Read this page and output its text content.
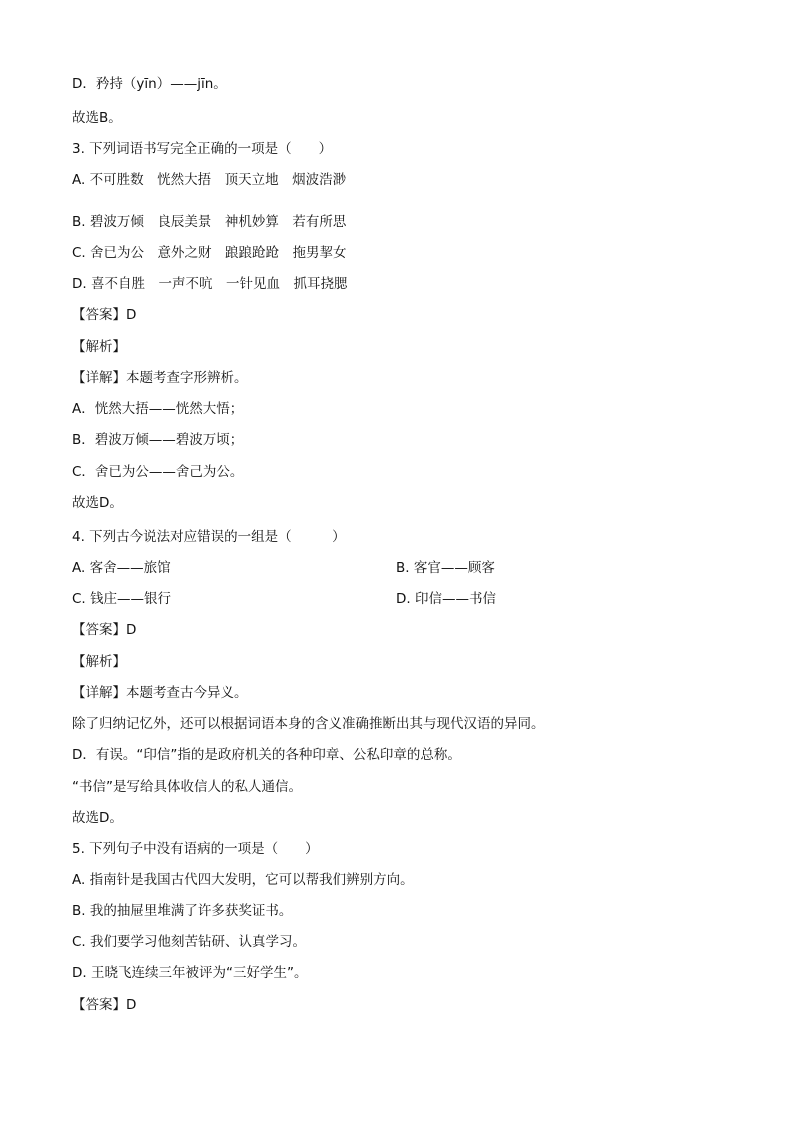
D．矜持（yīn）——jīn。
故选B。
3. 下列词语书写完全正确的一项是（　　）
A. 不可胜数　恍然大捂　顶天立地　烟波浩渺
B. 碧波万倾　良辰美景　神机妙算　若有所思
C. 舍已为公　意外之财　踉踉跄跄　拖男挈女
D. 喜不自胜　一声不吭　一针见血　抓耳挠腮
【答案】D
【解析】
【详解】本题考查字形辨析。
A．恍然大捂——恍然大悟；
B．碧波万倾——碧波万顷；
C．舍已为公——舍己为公。
故选D。
4. 下列古今说法对应错误的一组是（　　　）
A. 客舍——旅馆	B. 客官——顾客
C. 钱庄——银行	D. 印信——书信
【答案】D
【解析】
【详解】本题考查古今异义。
除了归纳记忆外，还可以根据词语本身的含义准确推断出其与现代汉语的异同。
D．有误。“印信”指的是政府机关的各种印章、公私印章的总称。
“书信”是写给具体收信人的私人通信。
故选D。
5. 下列句子中没有语病的一项是（　　）
A. 指南针是我国古代四大发明，它可以帮我们辨别方向。
B. 我的抽屉里堆满了许多获奖证书。
C. 我们要学习他刻苦钻研、认真学习。
D. 王晓飞连续三年被评为“三好学生”。
【答案】D
